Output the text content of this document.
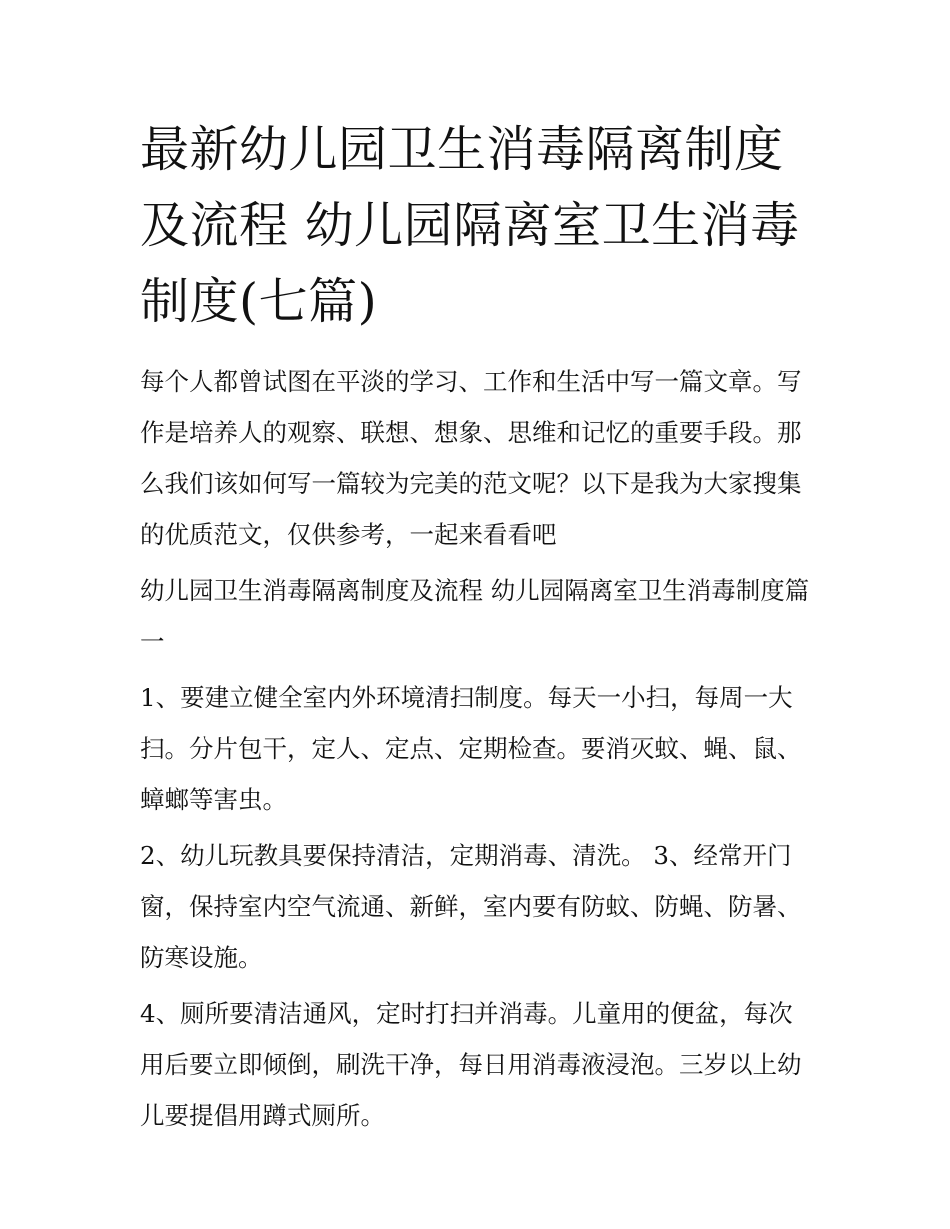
最新幼儿园卫生消毒隔离制度及流程 幼儿园隔离室卫生消毒制度(七篇)

每个人都曾试图在平淡的学习、工作和生活中写一篇文章。写作是培养人的观察、联想、想象、思维和记忆的重要手段。那么我们该如何写一篇较为完美的范文呢？以下是我为大家搜集的优质范文，仅供参考，一起来看看吧

幼儿园卫生消毒隔离制度及流程 幼儿园隔离室卫生消毒制度篇一

1、要建立健全室内外环境清扫制度。每天一小扫，每周一大扫。分片包干，定人、定点、定期检查。要消灭蚊、蝇、鼠、蟑螂等害虫。

2、幼儿玩教具要保持清洁，定期消毒、清洗。 3、经常开门窗，保持室内空气流通、新鲜，室内要有防蚊、防蝇、防暑、防寒设施。

4、厕所要清洁通风，定时打扫并消毒。儿童用的便盆，每次用后要立即倾倒，刷洗干净，每日用消毒液浸泡。三岁以上幼儿要提倡用蹲式厕所。
